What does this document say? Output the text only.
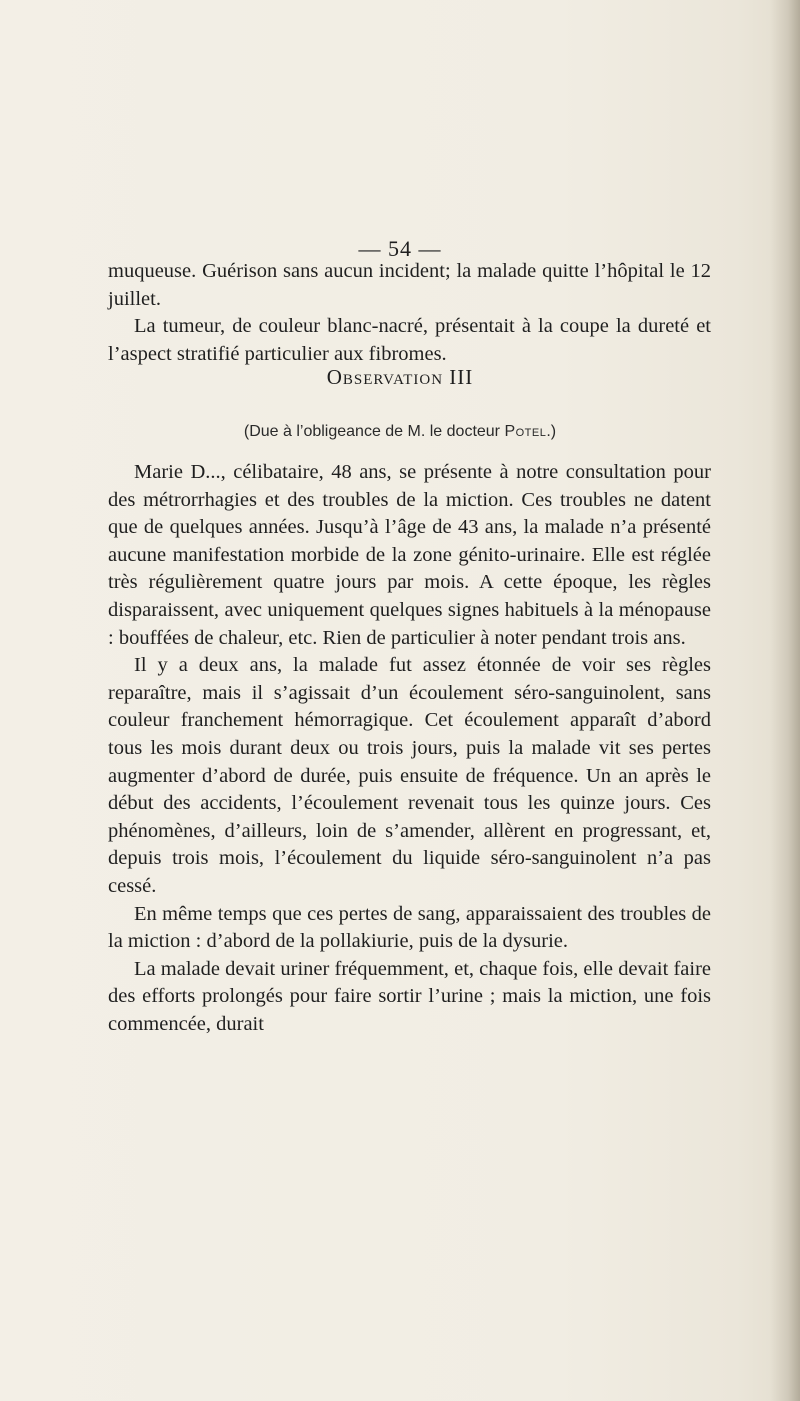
— 54 —

muqueuse. Guérison sans aucun incident; la malade quitte l’hôpital le 12 juillet.

La tumeur, de couleur blanc-nacré, présentait à la coupe la dureté et l’aspect stratifié particulier aux fibromes.

Observation III
(Due à l’obligeance de M. le docteur Potel.)

Marie D..., célibataire, 48 ans, se présente à notre consultation pour des métrorrhagies et des troubles de la miction. Ces troubles ne datent que de quelques années. Jusqu’à l’âge de 43 ans, la malade n’a présenté aucune manifestation morbide de la zone génito-urinaire. Elle est réglée très régulièrement quatre jours par mois. A cette époque, les règles disparaissent, avec uniquement quelques signes habituels à la ménopause : bouffées de chaleur, etc. Rien de particulier à noter pendant trois ans.

Il y a deux ans, la malade fut assez étonnée de voir ses règles reparaître, mais il s’agissait d’un écoulement séro-sanguinolent, sans couleur franchement hémorragique. Cet écoulement apparaît d’abord tous les mois durant deux ou trois jours, puis la malade vit ses pertes augmenter d’abord de durée, puis ensuite de fréquence. Un an après le début des accidents, l’écoulement revenait tous les quinze jours. Ces phénomènes, d’ailleurs, loin de s’amender, allèrent en progressant, et, depuis trois mois, l’écoulement du liquide séro-sanguinolent n’a pas cessé.

En même temps que ces pertes de sang, apparaissaient des troubles de la miction : d’abord de la pollakiurie, puis de la dysurie.

La malade devait uriner fréquemment, et, chaque fois, elle devait faire des efforts prolongés pour faire sortir l’urine ; mais la miction, une fois commencée, durait
